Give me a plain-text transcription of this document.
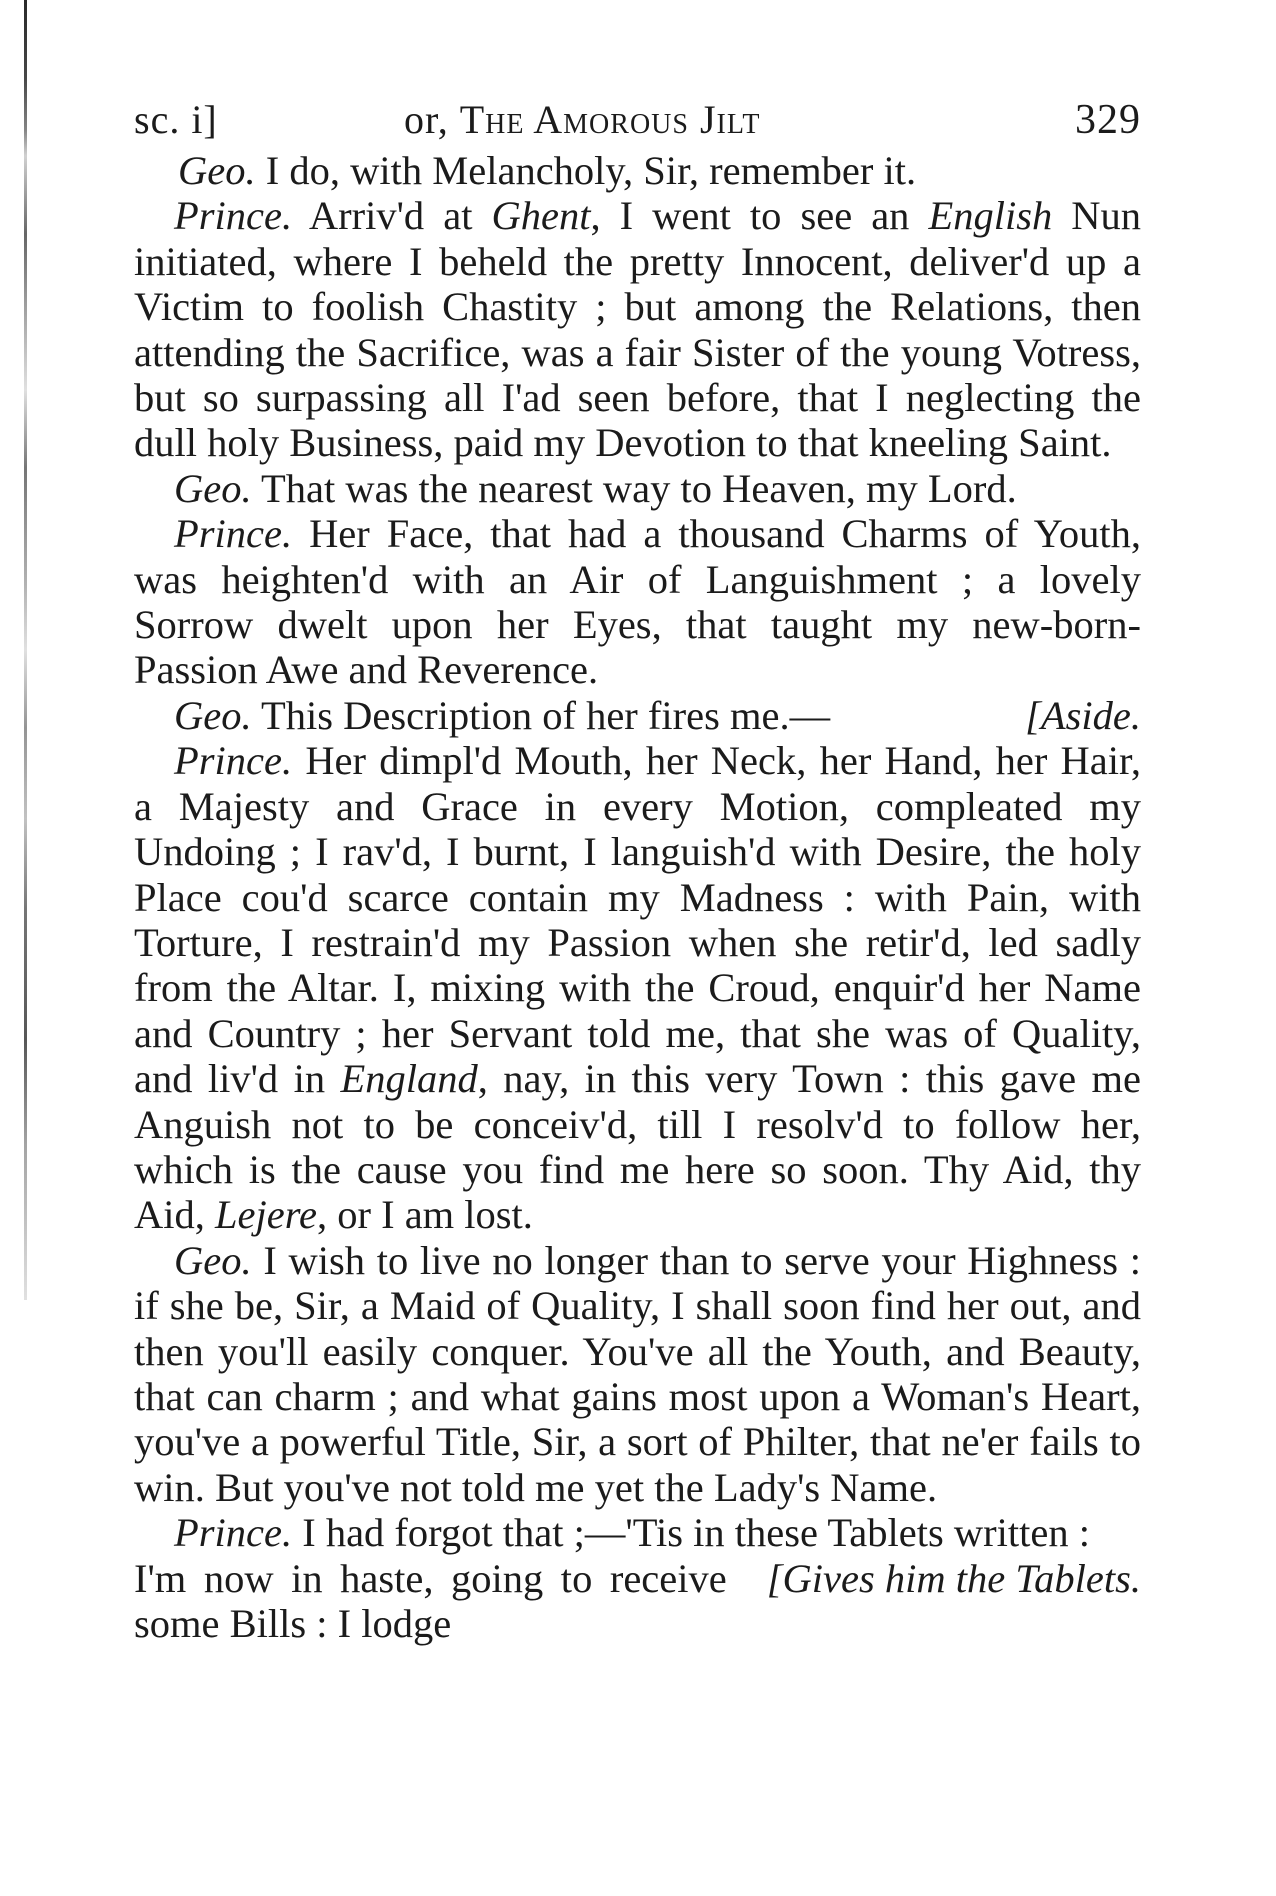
sc. i]	or, The Amorous Jilt	329

Geo. I do, with Melancholy, Sir, remember it.

Prince. Arriv'd at Ghent, I went to see an English Nun initiated, where I beheld the pretty Innocent, deliver'd up a Victim to foolish Chastity ; but among the Relations, then attending the Sacrifice, was a fair Sister of the young Votress, but so surpassing all I'ad seen before, that I neglecting the dull holy Business, paid my Devotion to that kneeling Saint.

Geo. That was the nearest way to Heaven, my Lord.

Prince. Her Face, that had a thousand Charms of Youth, was heighten'd with an Air of Languishment ; a lovely Sorrow dwelt upon her Eyes, that taught my new-born-Passion Awe and Reverence.

Geo. This Description of her fires me.—	[Aside.

Prince. Her dimpl'd Mouth, her Neck, her Hand, her Hair, a Majesty and Grace in every Motion, compleated my Undoing ; I rav'd, I burnt, I languish'd with Desire, the holy Place cou'd scarce contain my Madness : with Pain, with Torture, I restrain'd my Passion when she retir'd, led sadly from the Altar. I, mixing with the Croud, enquir'd her Name and Country ; her Servant told me, that she was of Quality, and liv'd in England, nay, in this very Town : this gave me Anguish not to be conceiv'd, till I resolv'd to follow her, which is the cause you find me here so soon. Thy Aid, thy Aid, Lejere, or I am lost.

Geo. I wish to live no longer than to serve your Highness : if she be, Sir, a Maid of Quality, I shall soon find her out, and then you'll easily conquer. You've all the Youth, and Beauty, that can charm ; and what gains most upon a Woman's Heart, you've a powerful Title, Sir, a sort of Philter, that ne'er fails to win. But you've not told me yet the Lady's Name.

Prince. I had forgot that ;—'Tis in these Tablets written :
[Gives him the Tablets.

I'm now in haste, going to receive some Bills : I lodge
